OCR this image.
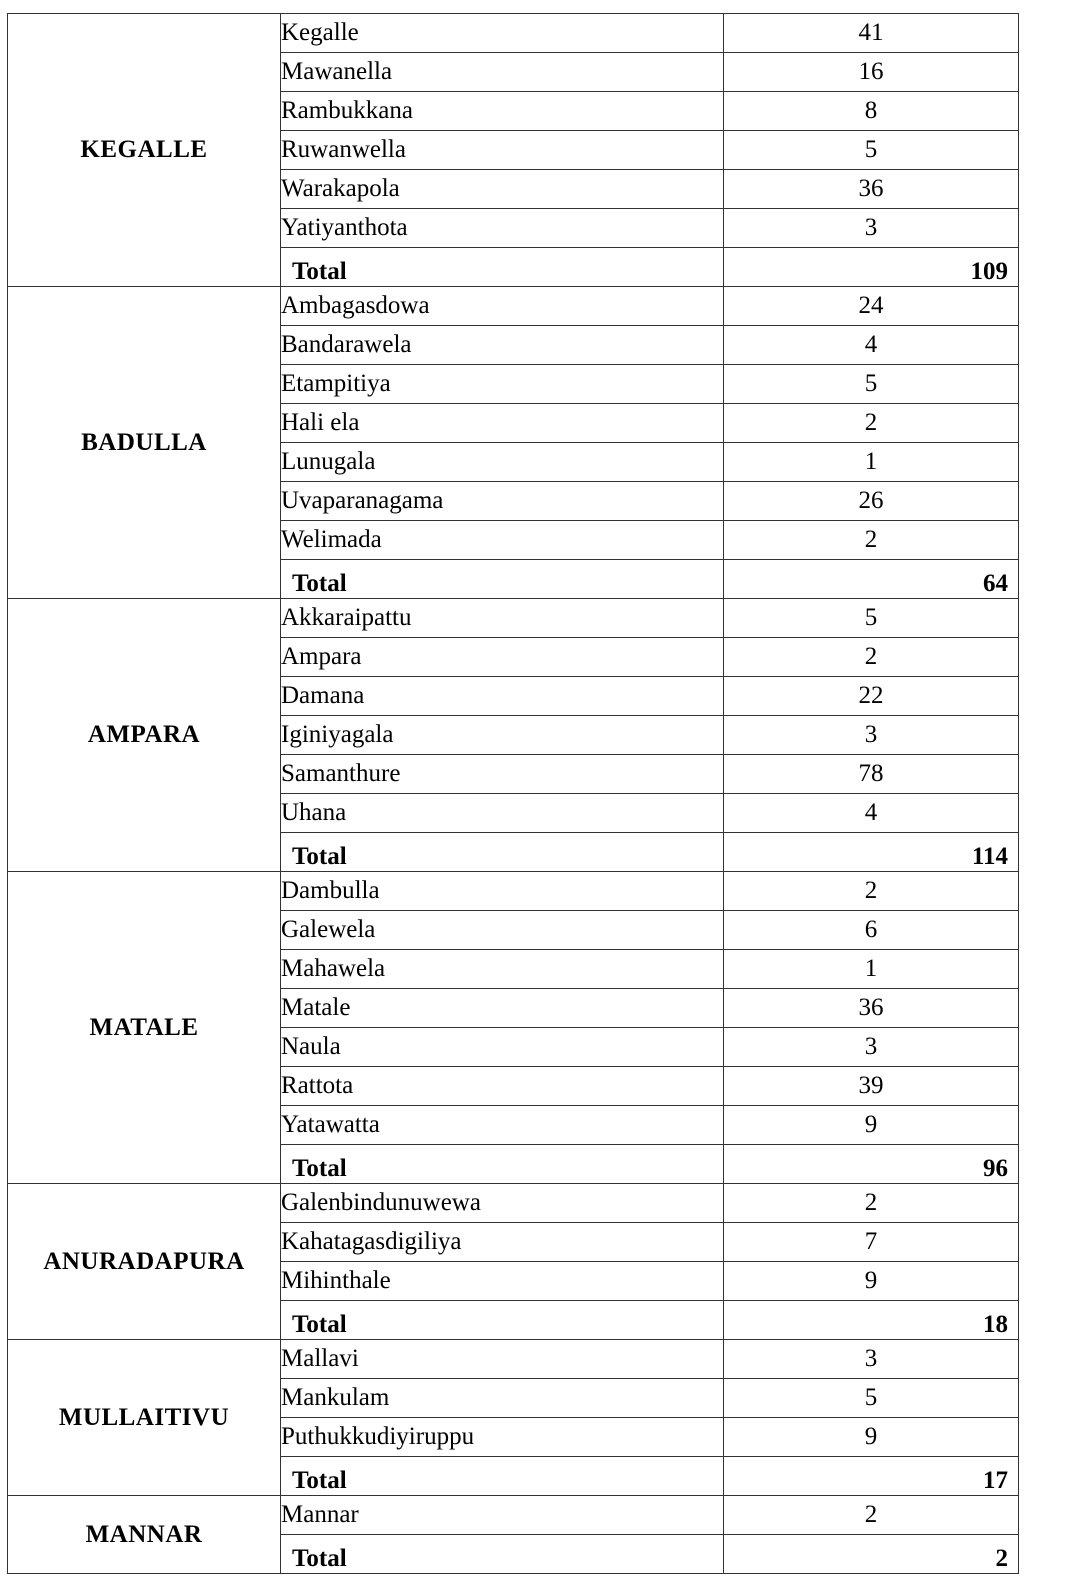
KEGALLE	Kegalle	41
	Mawanella	16
	Rambukkana	8
	Ruwanwella	5
	Warakapola	36
	Yatiyanthota	3
	Total	109
BADULLA	Ambagasdowa	24
	Bandarawela	4
	Etampitiya	5
	Hali ela	2
	Lunugala	1
	Uvaparanagama	26
	Welimada	2
	Total	64
AMPARA	Akkaraipattu	5
	Ampara	2
	Damana	22
	Iginiyagala	3
	Samanthure	78
	Uhana	4
	Total	114
MATALE	Dambulla	2
	Galewela	6
	Mahawela	1
	Matale	36
	Naula	3
	Rattota	39
	Yatawatta	9
	Total	96
ANURADAPURA	Galenbindunuwewa	2
	Kahatagasdigiliya	7
	Mihinthale	9
	Total	18
MULLAITIVU	Mallavi	3
	Mankulam	5
	Puthukkudiyiruppu	9
	Total	17
MANNAR	Mannar	2
	Total	2
